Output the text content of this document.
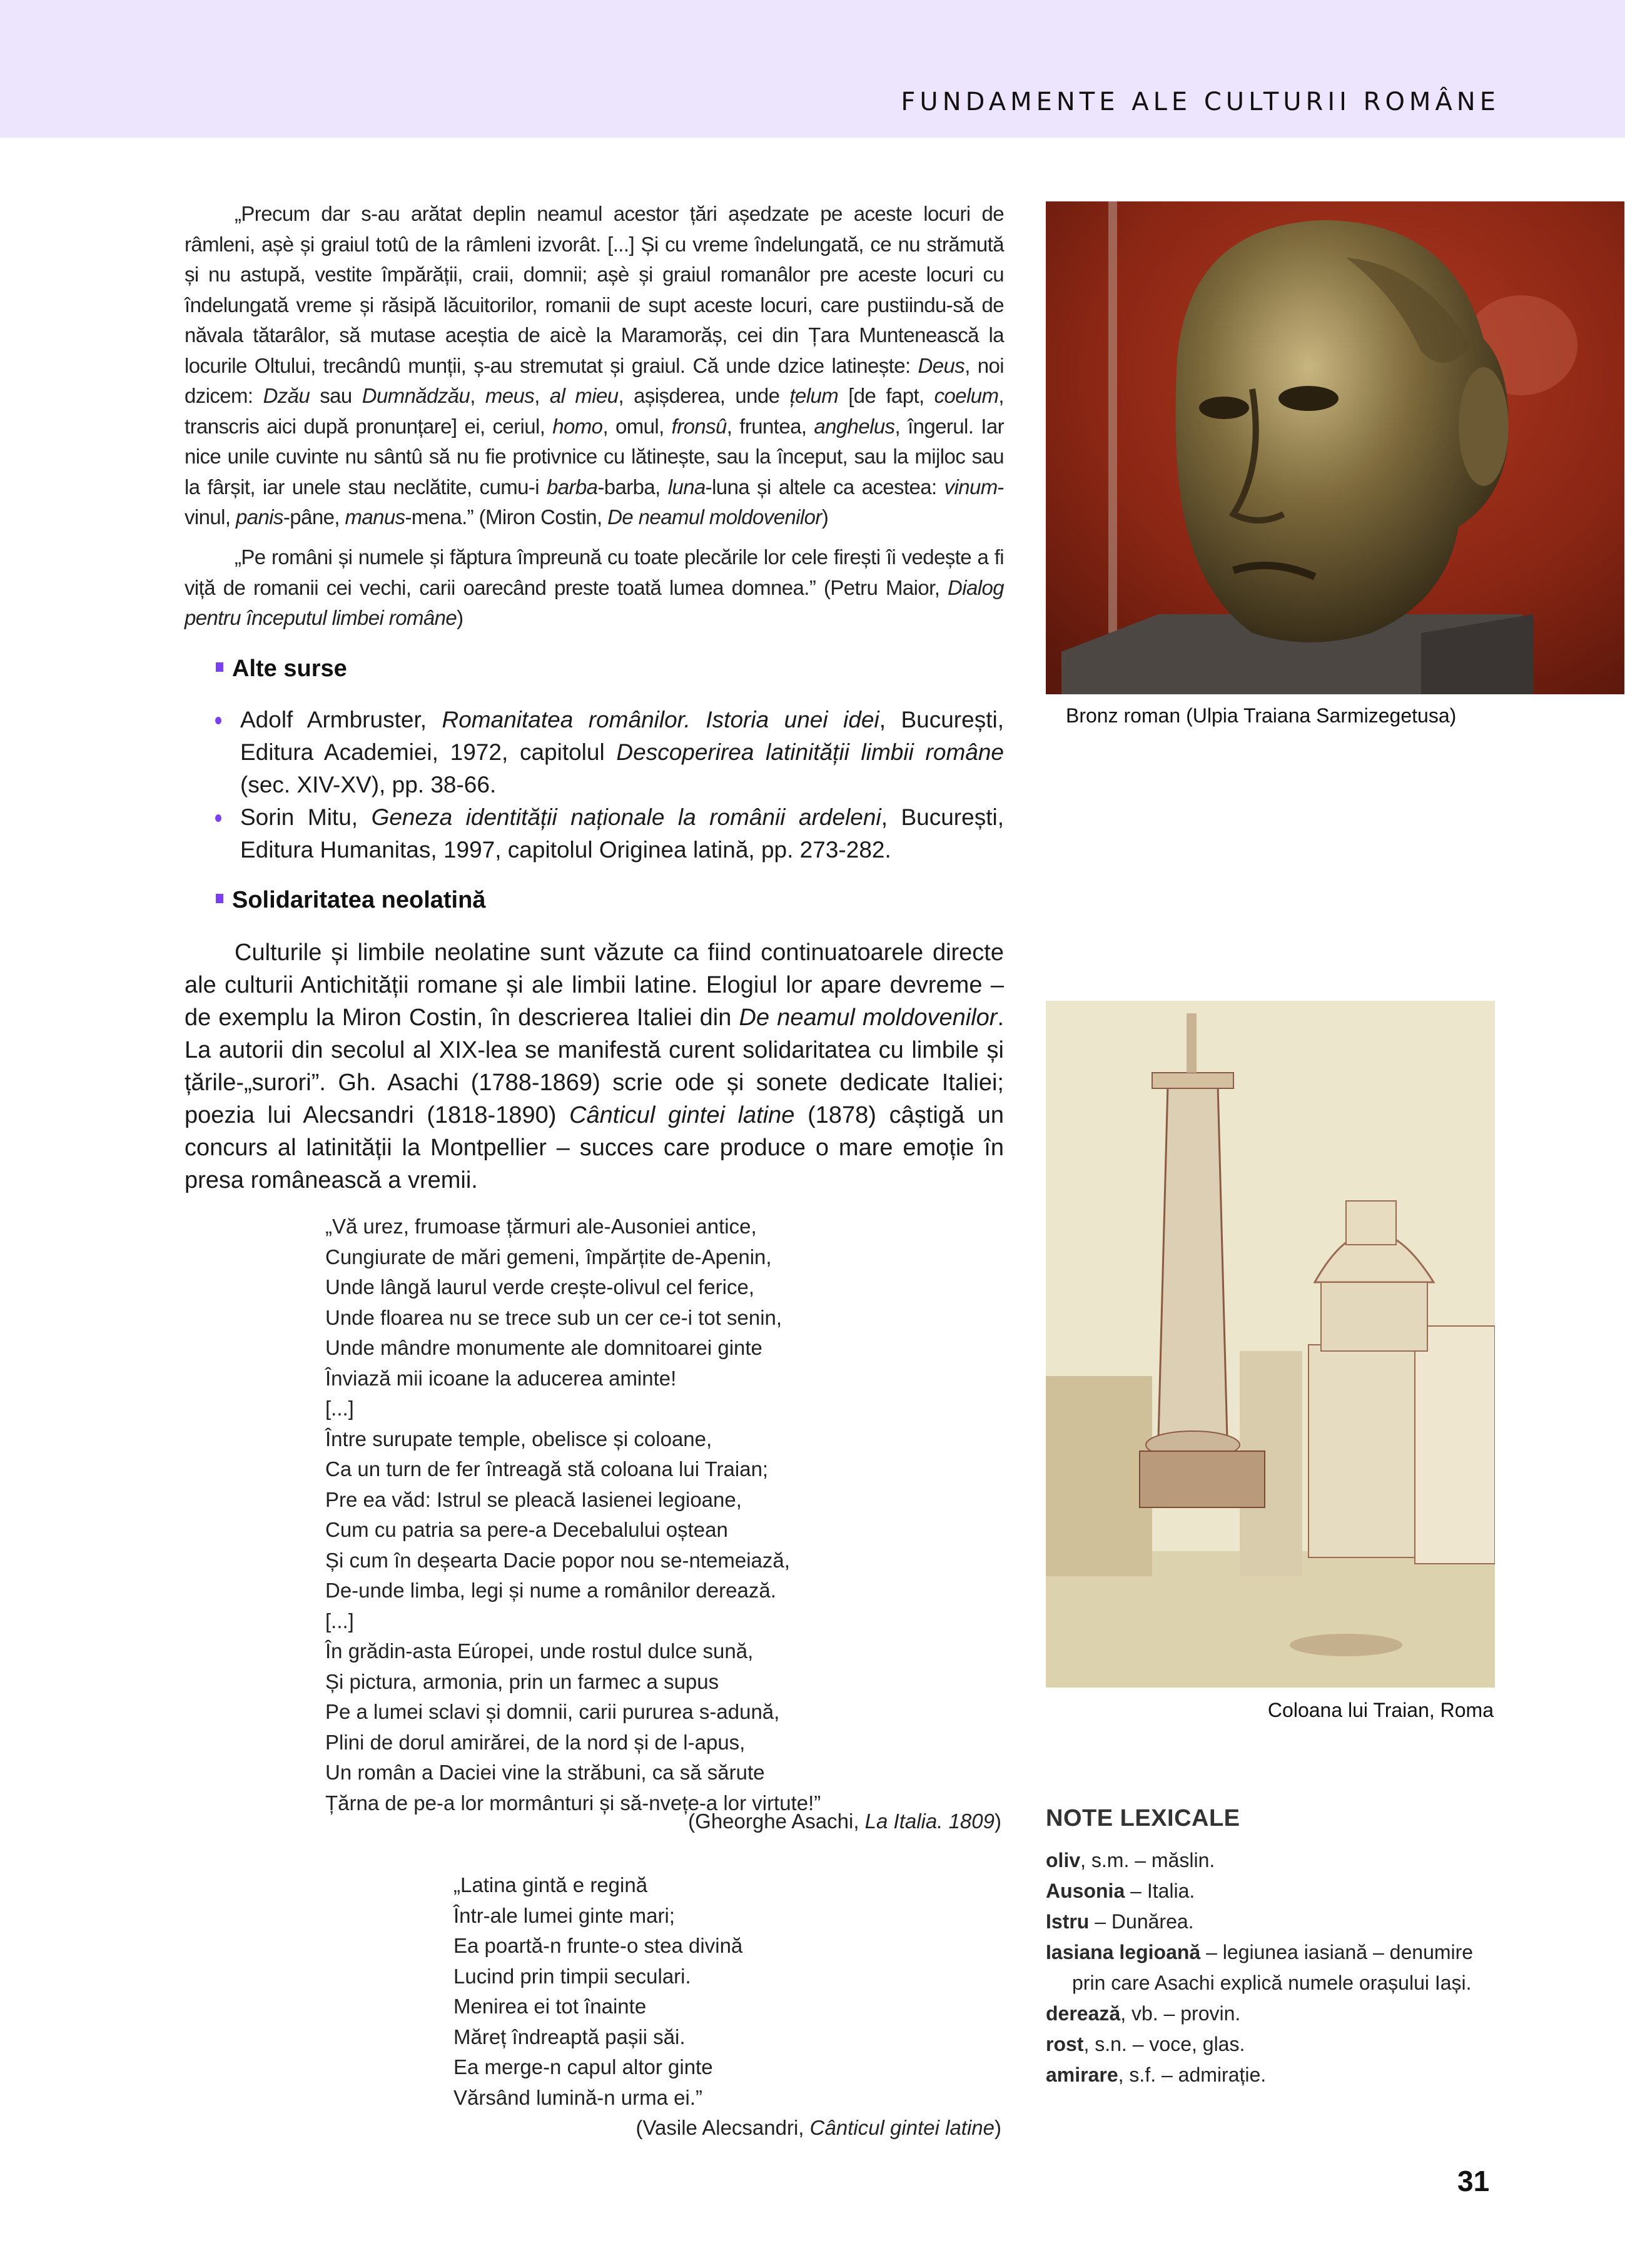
FUNDAMENTE ALE CULTURII ROMÂNE

„Precum dar s-au arătat deplin neamul acestor țări aședzate pe aceste locuri de râmleni, așè și graiul totû de la râmleni izvorât. [...] Și cu vreme îndelungată, ce nu strămută și nu astupă, vestite împărății, craii, domnii; așè și graiul romanâlor pre aceste locuri cu îndelungată vreme și răsipă lăcuitorilor, romanii de supt aceste locuri, care pustiindu-să de năvala tătarâlor, să mutase aceștia de aicè la Maramorăș, cei din Țara Muntenească la locurile Oltului, trecândû munții, ș-au stremutat și graiul. Că unde dzice latinește: Deus, noi dzicem: Dzău sau Dumnădzău, meus, al mieu, așișderea, unde țelum [de fapt, coelum, transcris aici după pronunțare] ei, ceriul, homo, omul, fronsû, fruntea, anghelus, îngerul. Iar nice unile cuvinte nu sântû să nu fie protivnice cu lătinește, sau la început, sau la mijloc sau la fârșit, iar unele stau neclătite, cumu-i barba-barba, luna-luna și altele ca acestea: vinum-vinul, panis-pâne, manus-mena.” (Miron Costin, De neamul moldovenilor)

„Pe români și numele și făptura împreună cu toate plecările lor cele firești îi vedește a fi viță de romanii cei vechi, carii oarecând preste toată lumea domnea.” (Petru Maior, Dialog pentru începutul limbei române)

Alte surse
Adolf Armbruster, Romanitatea românilor. Istoria unei idei, București, Editura Academiei, 1972, capitolul Descoperirea latinității limbii române (sec. XIV-XV), pp. 38-66.
Sorin Mitu, Geneza identității naționale la românii ardeleni, București, Editura Humanitas, 1997, capitolul Originea latină, pp. 273-282.
Solidaritatea neolatină

Culturile și limbile neolatine sunt văzute ca fiind continuatoarele directe ale culturii Antichității romane și ale limbii latine. Elogiul lor apare devreme – de exemplu la Miron Costin, în descrierea Italiei din De neamul moldovenilor. La autorii din secolul al XIX-lea se manifestă curent solidaritatea cu limbile și țările-„surori”. Gh. Asachi (1788-1869) scrie ode și sonete dedicate Italiei; poezia lui Alecsandri (1818-1890) Cânticul gintei latine (1878) câștigă un concurs al latinității la Montpellier – succes care produce o mare emoție în presa românească a vremii.

„Vă urez, frumoase țărmuri ale-Ausoniei antice,
Cungiurate de mări gemeni, împărțite de-Apenin,
Unde lângă laurul verde crește-olivul cel ferice,
Unde floarea nu se trece sub un cer ce-i tot senin,
Unde mândre monumente ale domnitoarei ginte
Înviază mii icoane la aducerea aminte!
[...]
Între surupate temple, obelisce și coloane,
Ca un turn de fer întreagă stă coloana lui Traian;
Pre ea văd: Istrul se pleacă Iasienei legioane,
Cum cu patria sa pere-a Decebalului oștean
Și cum în deșearta Dacie popor nou se-ntemeiază,
De-unde limba, legi și nume a românilor derează.
[...]
În grădin-asta Eúropei, unde rostul dulce sună,
Și pictura, armonia, prin un farmec a supus
Pe a lumei sclavi și domnii, carii pururea s-adună,
Plini de dorul amirărei, de la nord și de l-apus,
Un român a Daciei vine la străbuni, ca să sărute
Țărna de pe-a lor mormânturi și să-nvețe-a lor virtute!”
(Gheorghe Asachi, La Italia. 1809)
„Latina gintă e regină
Într-ale lumei ginte mari;
Ea poartă-n frunte-o stea divină
Lucind prin timpii seculari.
Menirea ei tot înainte
Măreț îndreaptă pașii săi.
Ea merge-n capul altor ginte
Vărsând lumină-n urma ei.”
(Vasile Alecsandri, Cânticul gintei latine)
Bronz roman (Ulpia Traiana Sarmizegetusa)
Coloana lui Traian, Roma
NOTE LEXICALE
oliv, s.m. – măslin.
Ausonia – Italia.
Istru – Dunărea.
Iasiana legioană – legiunea iasiană – denumire prin care Asachi explică numele orașului Iași.
derează, vb. – provin.
rost, s.n. – voce, glas.
amirare, s.f. – admirație.
31
